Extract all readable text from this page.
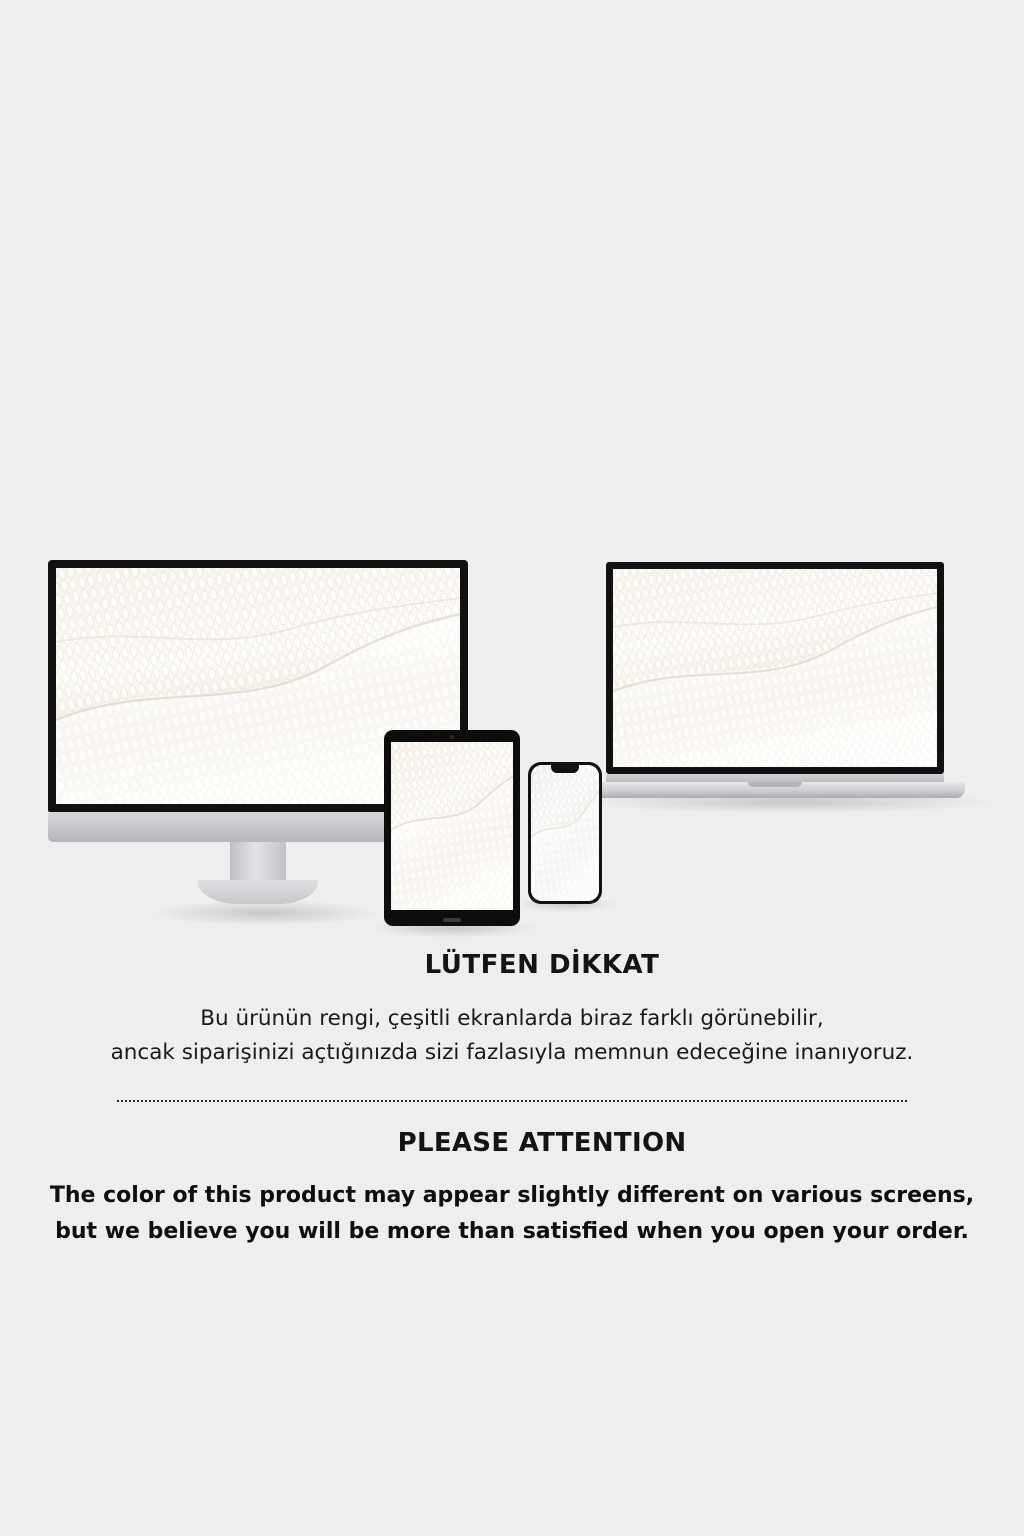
LÜTFEN DİKKAT
Bu ürünün rengi, çeşitli ekranlarda biraz farklı görünebilir,
ancak siparişinizi açtığınızda sizi fazlasıyla memnun edeceğine inanıyoruz.
PLEASE ATTENTION
The color of this product may appear slightly different on various screens,
but we believe you will be more than satisfied when you open your order.
